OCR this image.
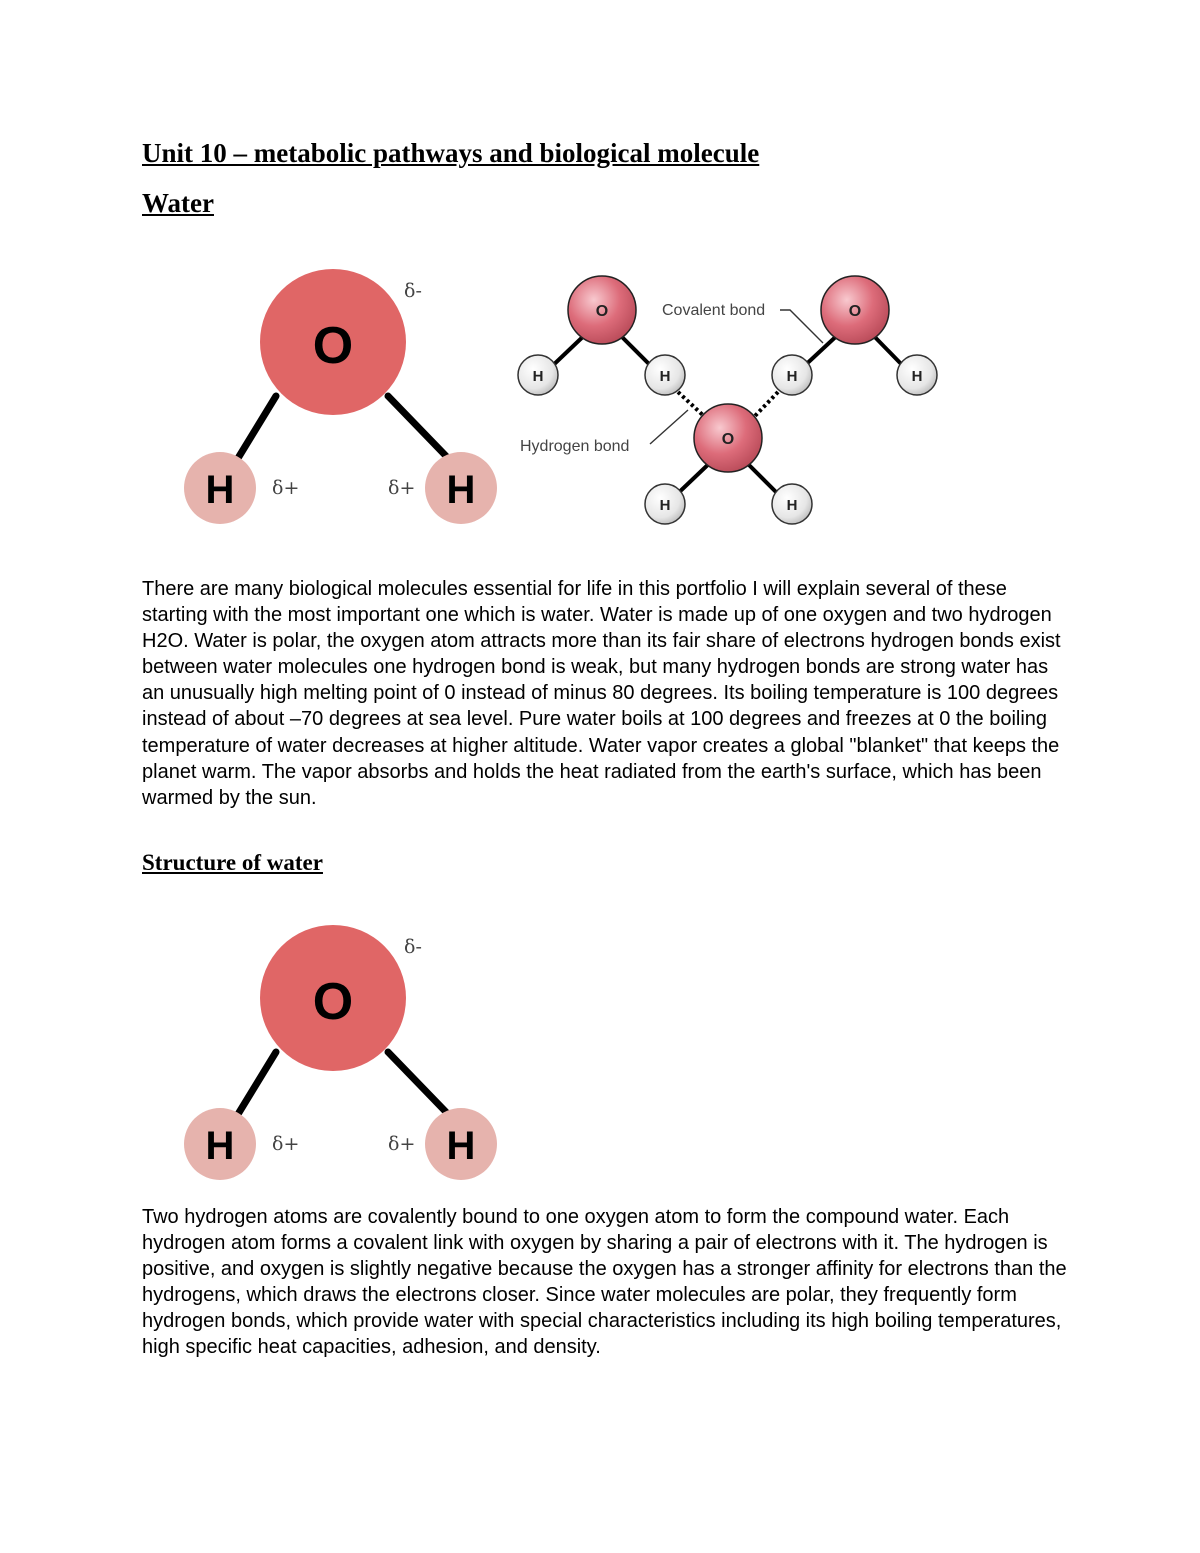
Unit 10 – metabolic pathways and biological molecule
Water
O
H	H
δ-
δ+	δ+
O	O
O
H	H	H	H
H	H
Covalent bond
Hydrogen bond

There are many biological molecules essential for life in this portfolio I will explain several of these starting with the most important one which is water. Water is made up of one oxygen and two hydrogen H2O. Water is polar, the oxygen atom attracts more than its fair share of electrons hydrogen bonds exist between water molecules one hydrogen bond is weak, but many hydrogen bonds are strong water has an unusually high melting point of 0 instead of minus 80 degrees. Its boiling temperature is 100 degrees instead of about –70 degrees at sea level. Pure water boils at 100 degrees and freezes at 0 the boiling temperature of water decreases at higher altitude. Water vapor creates a global "blanket" that keeps the planet warm. The vapor absorbs and holds the heat radiated from the earth's surface, which has been warmed by the sun.

Structure of water
O
H	H
δ-
δ+	δ+

Two hydrogen atoms are covalently bound to one oxygen atom to form the compound water. Each hydrogen atom forms a covalent link with oxygen by sharing a pair of electrons with it. The hydrogen is positive, and oxygen is slightly negative because the oxygen has a stronger affinity for electrons than the hydrogens, which draws the electrons closer. Since water molecules are polar, they frequently form hydrogen bonds, which provide water with special characteristics including its high boiling temperatures, high specific heat capacities, adhesion, and density.
